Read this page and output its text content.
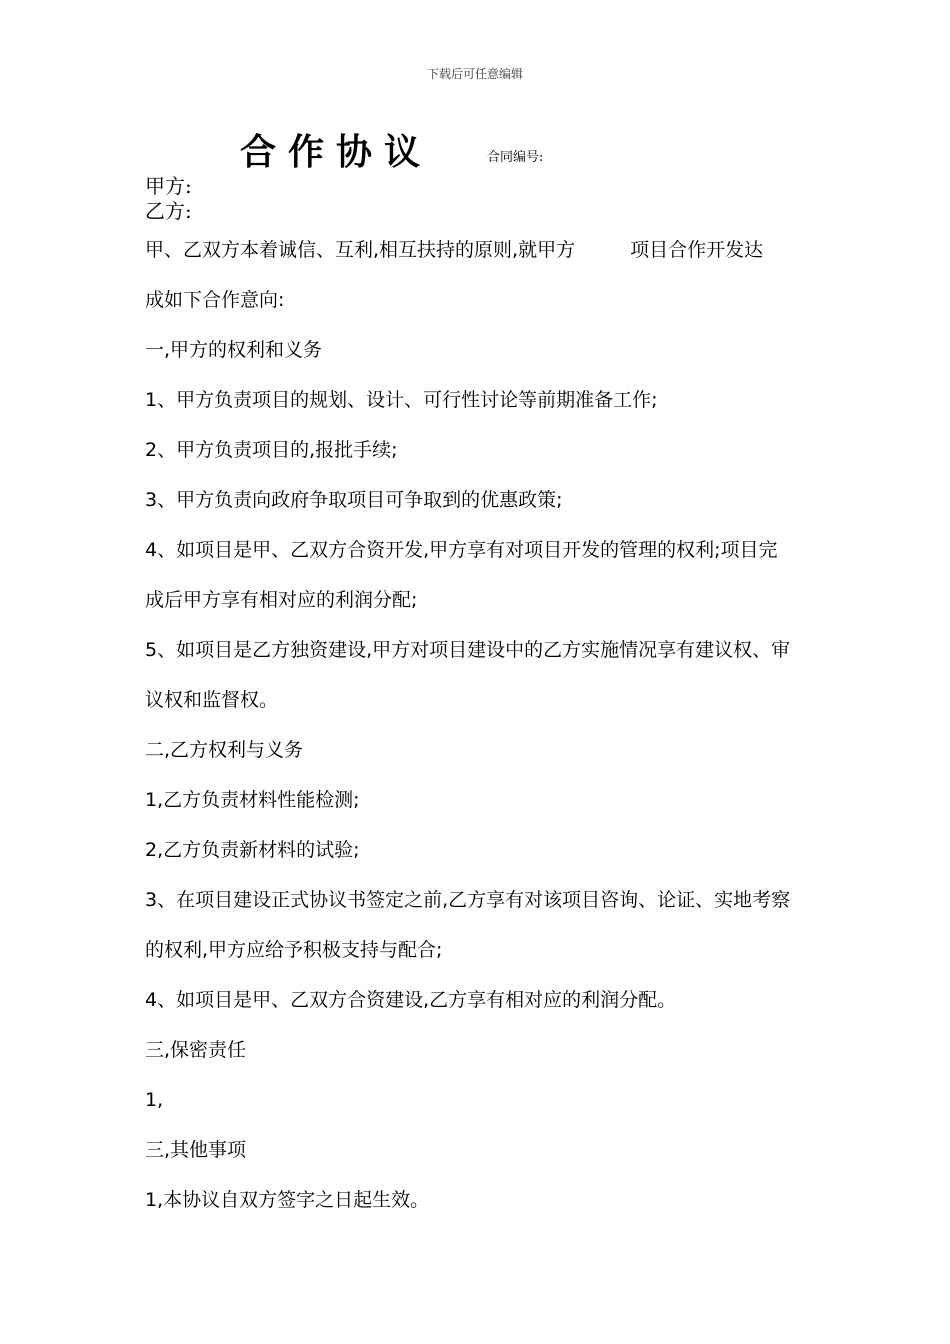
下载后可任意编辑
合作协议	合同编号:
甲方:
乙方:
甲、乙双方本着诚信、互利,相互扶持的原则,就甲方	项目合作开发达
成如下合作意向:
一,甲方的权利和义务
1、甲方负责项目的规划、设计、可行性讨论等前期准备工作;
2、甲方负责项目的,报批手续;
3、甲方负责向政府争取项目可争取到的优惠政策;
4、如项目是甲、乙双方合资开发,甲方享有对项目开发的管理的权利;项目完
成后甲方享有相对应的利润分配;
5、如项目是乙方独资建设,甲方对项目建设中的乙方实施情况享有建议权、审
议权和监督权。
二,乙方权利与义务
1,乙方负责材料性能检测;
2,乙方负责新材料的试验;
3、在项目建设正式协议书签定之前,乙方享有对该项目咨询、论证、实地考察
的权利,甲方应给予积极支持与配合;
4、如项目是甲、乙双方合资建设,乙方享有相对应的利润分配。
三,保密责任
1,
三,其他事项
1,本协议自双方签字之日起生效。
